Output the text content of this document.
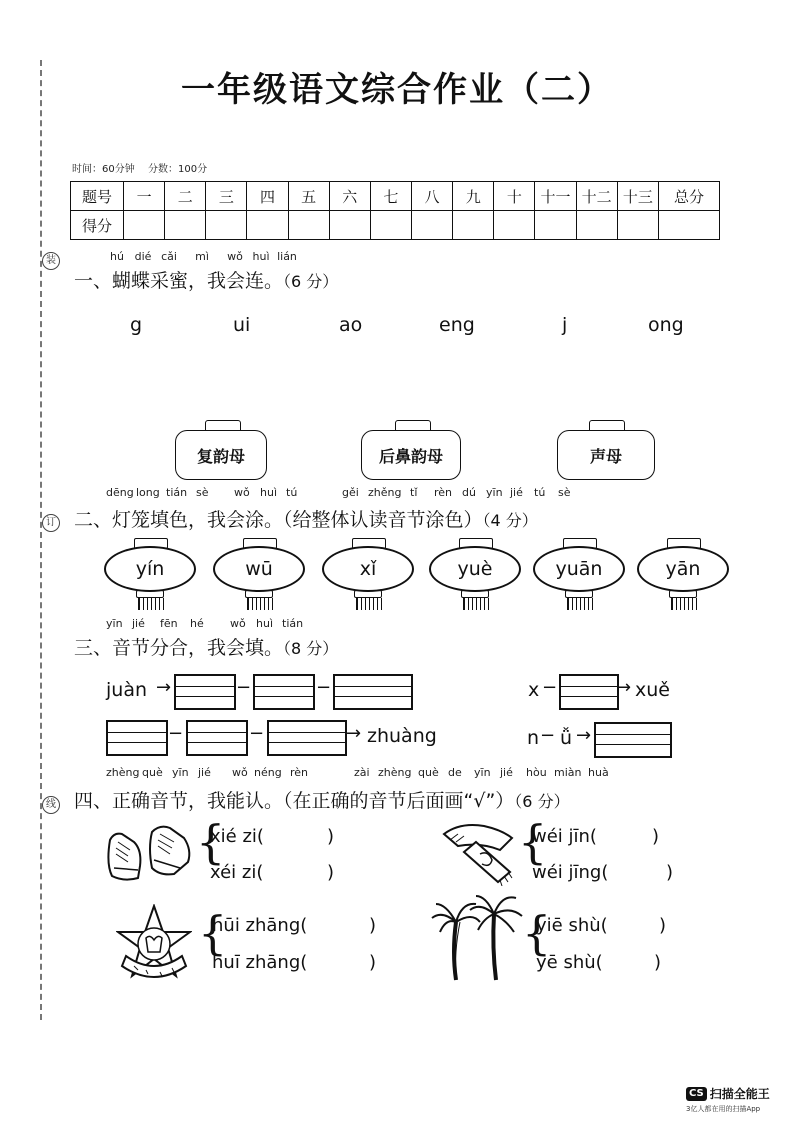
装
订
线
一年级语文综合作业（二）
时间：60分钟 分数：100分
题号	一	二	三	四	五	六	七	八	九	十	十一	十二	十三	总分
得分														
hú dié cǎi mì wǒ huì lián
一、蝴蝶采蜜，我会连。（6 分）
g	ui	ao	eng	j	ong
复韵母	后鼻韵母	声母
dēng long tián sè wǒ huì tú	gěi zhěng tǐ rèn dú yīn jié tú sè
二、灯笼填色，我会涂。（给整体认读音节涂色）（4 分）
yín	wū	xǐ	yuè	yuān	yān
yīn jié fēn hé wǒ huì tián
三、音节分合，我会填。（8 分）
juàn →	−	−	x −	→ xuě
−	−	→ zhuàng	n − ǚ →
zhèng què yīn jié wǒ néng rèn	zài zhèng què de yīn jié hòu miàn huà
四、正确音节，我能认。（在正确的音节后面画“√”）（6 分）
{
xié zi(	)
xéi zi(	)
{
wéi jīn(	)
wéi jīng(	)
{
hūi zhāng(	)
huī zhāng(	)
{
yiē shù(	)
yē shù(	)
CS 扫描全能王
3亿人都在用的扫描App
